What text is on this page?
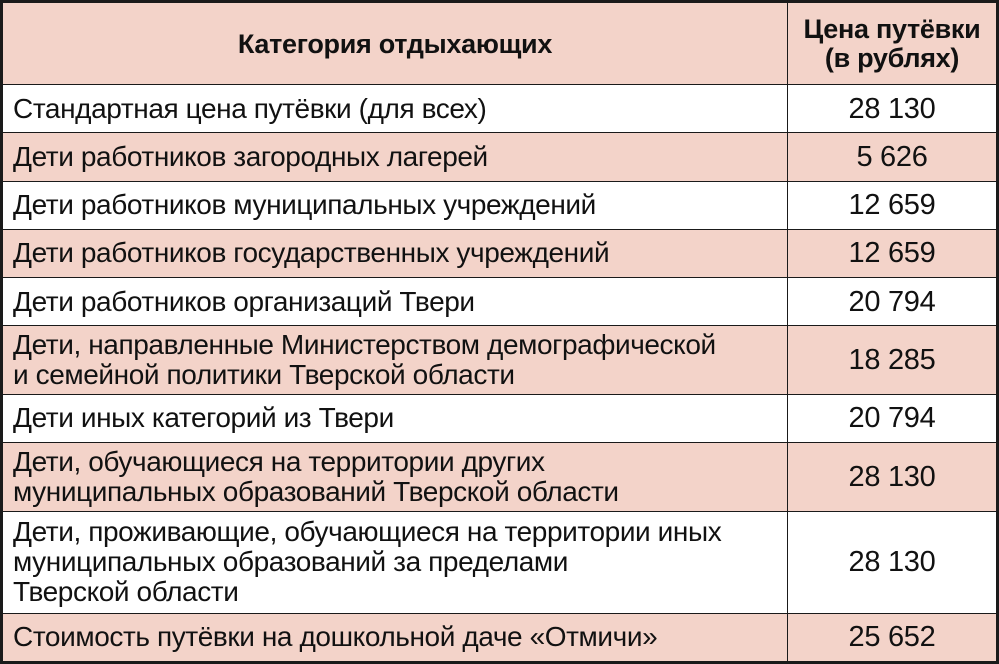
Категория отдыхающих	Цена путёвки
(в рублях)
Стандартная цена путёвки (для всех)	28 130
Дети работников загородных лагерей	5 626
Дети работников муниципальных учреждений	12 659
Дети работников государственных учреждений	12 659
Дети работников организаций Твери	20 794
Дети, направленные Министерством демографической
и семейной политики Тверской области	18 285
Дети иных категорий из Твери	20 794
Дети, обучающиеся на территории других
муниципальных образований Тверской области	28 130
Дети, проживающие, обучающиеся на территории иных
муниципальных образований за пределами
Тверской области	28 130
Стоимость путёвки на дошкольной даче «Отмичи»	25 652
